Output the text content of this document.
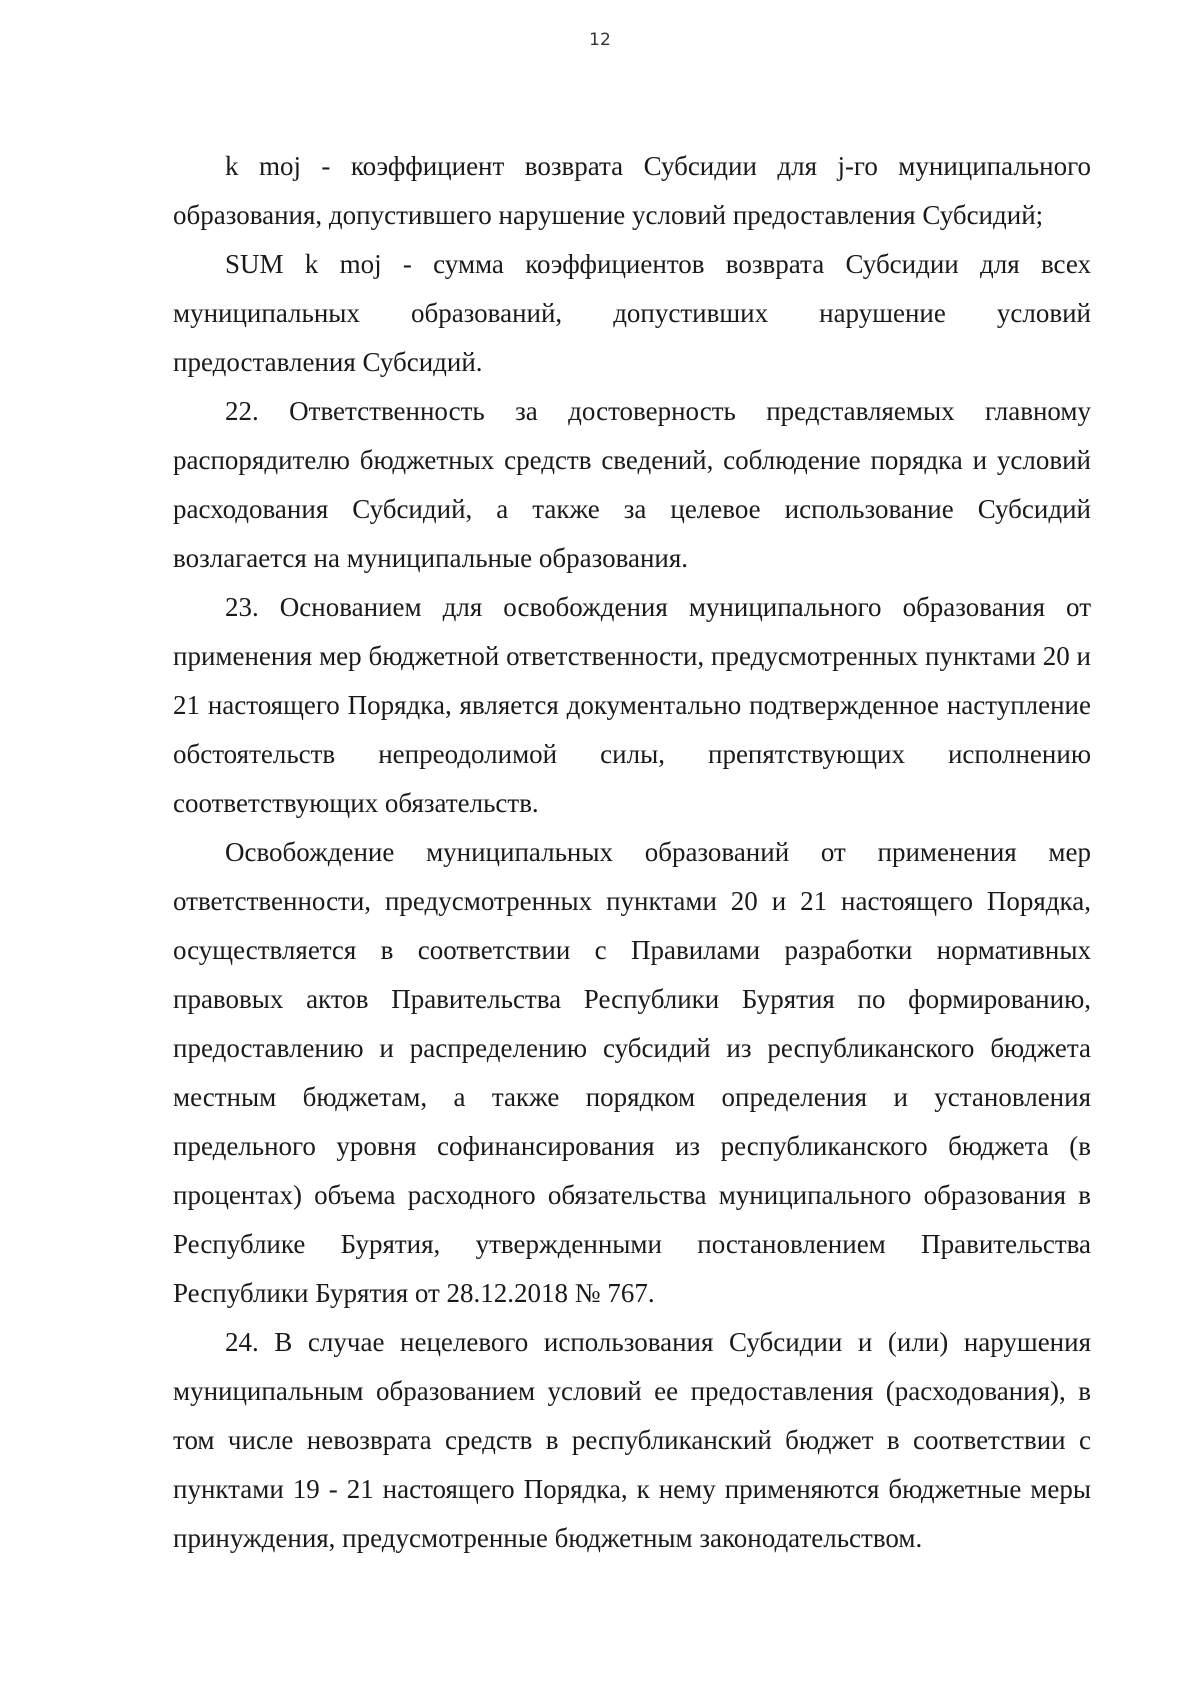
12

k moj - коэффициент возврата Субсидии для j-го муниципального образования, допустившего нарушение условий предоставления Субсидий;

SUM k moj - сумма коэффициентов возврата Субсидии для всех муниципальных образований, допустивших нарушение условий предоставления Субсидий.

22. Ответственность за достоверность представляемых главному распорядителю бюджетных средств сведений, соблюдение порядка и условий расходования Субсидий, а также за целевое использование Субсидий возлагается на муниципальные образования.

23. Основанием для освобождения муниципального образования от применения мер бюджетной ответственности, предусмотренных пунктами 20 и 21 настоящего Порядка, является документально подтвержденное наступление обстоятельств непреодолимой силы, препятствующих исполнению соответствующих обязательств.

Освобождение муниципальных образований от применения мер ответственности, предусмотренных пунктами 20 и 21 настоящего Порядка, осуществляется в соответствии с Правилами разработки нормативных правовых актов Правительства Республики Бурятия по формированию, предоставлению и распределению субсидий из республиканского бюджета местным бюджетам, а также порядком определения и установления предельного уровня софинансирования из республиканского бюджета (в процентах) объема расходного обязательства муниципального образования в Республике Бурятия, утвержденными постановлением Правительства Республики Бурятия от 28.12.2018 № 767.

24. В случае нецелевого использования Субсидии и (или) нарушения муниципальным образованием условий ее предоставления (расходования), в том числе невозврата средств в республиканский бюджет в соответствии с пунктами 19 - 21 настоящего Порядка, к нему применяются бюджетные меры принуждения, предусмотренные бюджетным законодательством.
